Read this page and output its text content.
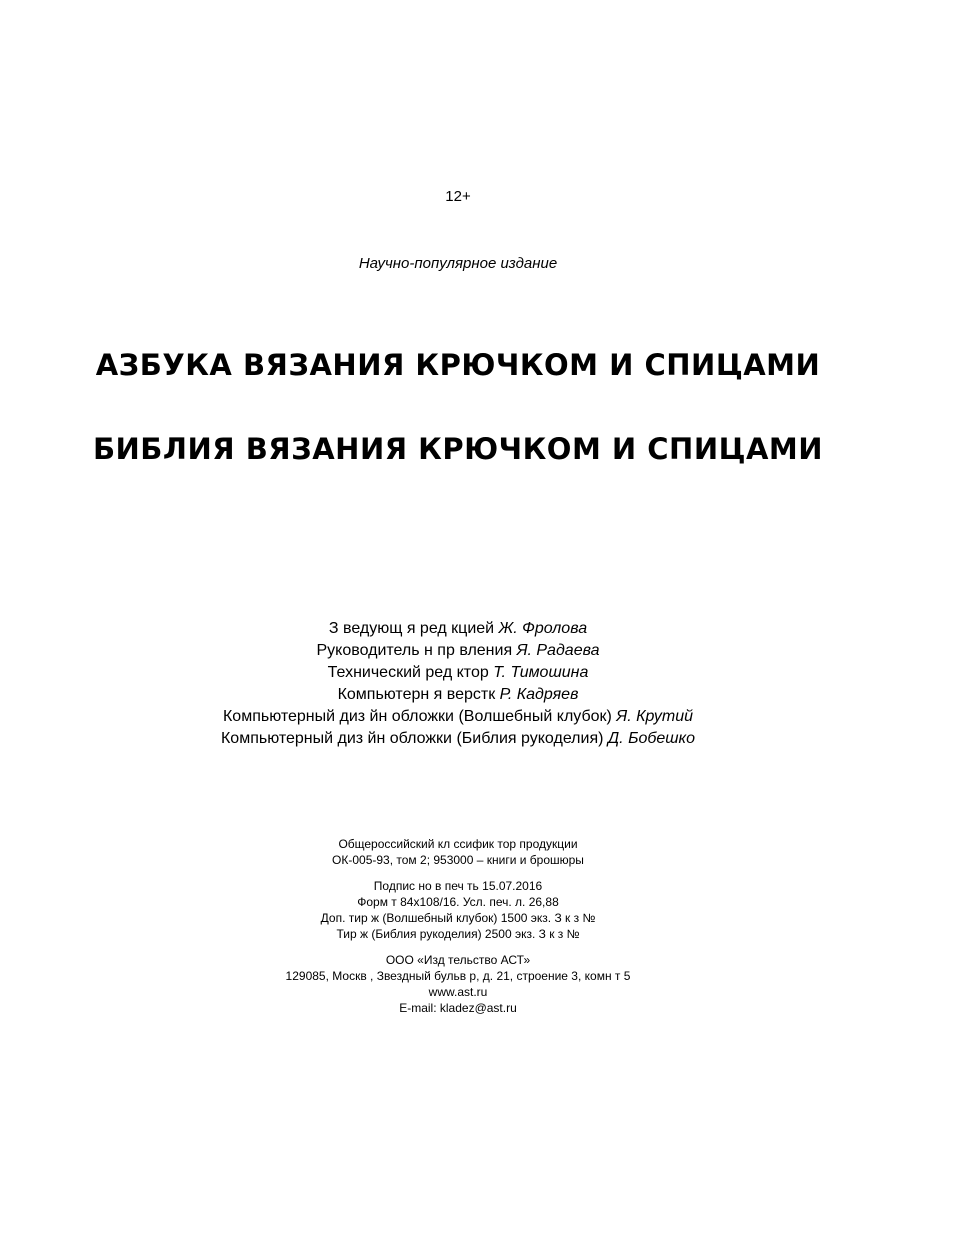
12+
Научно-популярное издание
АЗБУКА ВЯЗАНИЯ КРЮЧКОМ И СПИЦАМИ
БИБЛИЯ ВЯЗАНИЯ КРЮЧКОМ И СПИЦАМИ
З ведующ я ред кцией Ж. Фролова
Руководитель н пр вления Я. Радаева
Технический ред ктор Т. Тимошина
Компьютерн я верстк Р. Кадряев
Компьютерный диз йн обложки (Волшебный клубок) Я. Крутий
Компьютерный диз йн обложки (Библия рукоделия) Д. Бобешко
Общероссийский кл ссифик тор продукции
ОК-005-93, том 2; 953000 – книги и брошюры
Подпис но в печ ть 15.07.2016
Форм т 84х108/16. Усл. печ. л. 26,88
Доп. тир ж (Волшебный клубок) 1500 экз. З к з №
Тир ж (Библия рукоделия) 2500 экз. З к з №
ООО «Изд тельство АСТ»
129085, Москв , Звездный бульв р, д. 21, строение 3, комн т 5
www.ast.ru
E-mail: kladez@ast.ru
